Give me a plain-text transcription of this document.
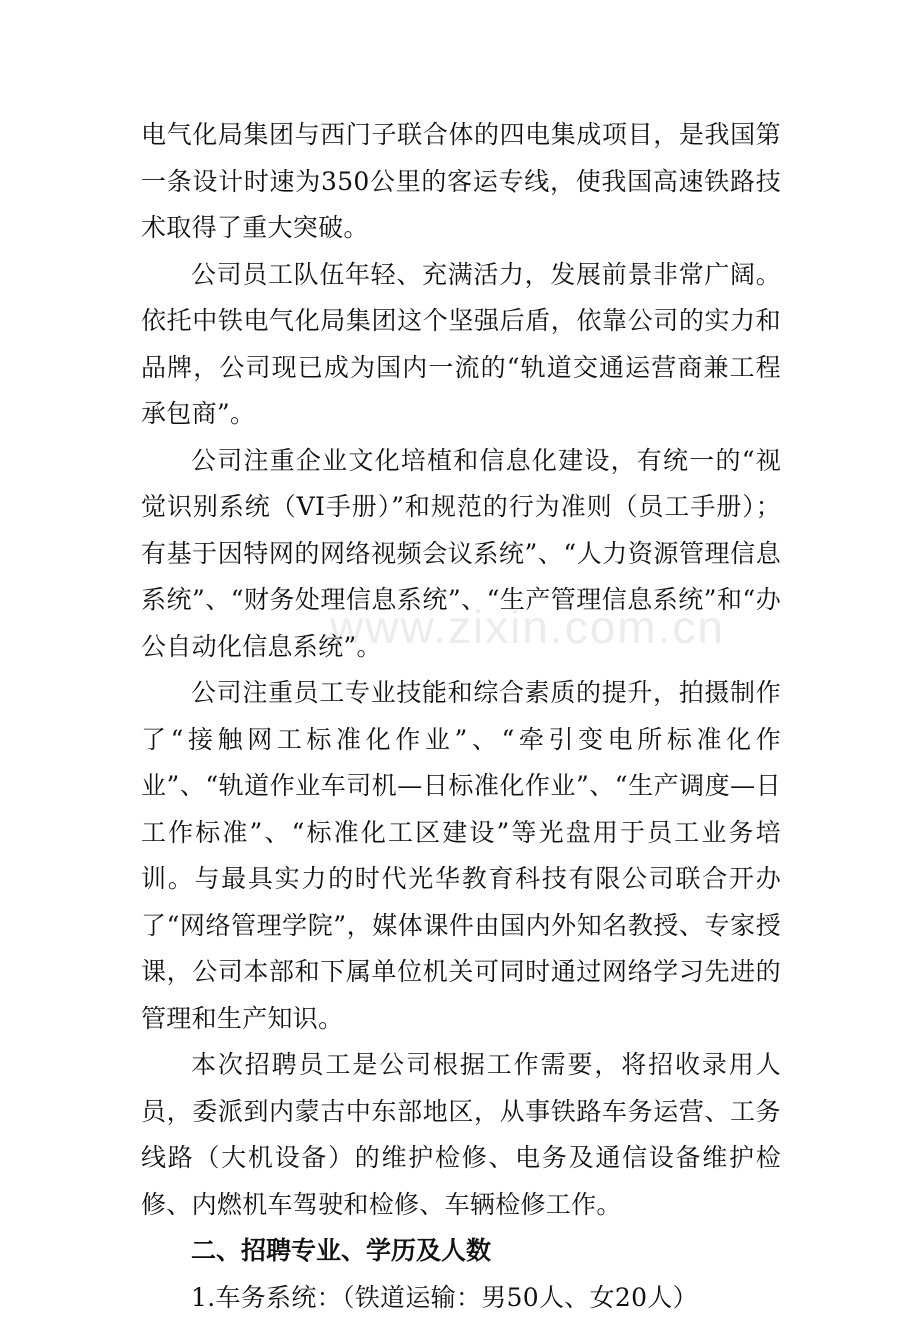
www.zixin.com.cn

电气化局集团与西门子联合体的四电集成项目，是我国第一条设计时速为350公里的客运专线，使我国高速铁路技术取得了重大突破。

公司员工队伍年轻、充满活力，发展前景非常广阔。依托中铁电气化局集团这个坚强后盾，依靠公司的实力和品牌，公司现已成为国内一流的“轨道交通运营商兼工程承包商”。

公司注重企业文化培植和信息化建设，有统一的“视觉识别系统（VI手册）”和规范的行为准则（员工手册）；有基于因特网的网络视频会议系统”、“人力资源管理信息系统”、“财务处理信息系统”、“生产管理信息系统”和“办公自动化信息系统”。

公司注重员工专业技能和综合素质的提升，拍摄制作了“接触网工标准化作业”、“牵引变电所标准化作业”、“轨道作业车司机—日标准化作业”、“生产调度—日工作标准”、“标准化工区建设”等光盘用于员工业务培训。与最具实力的时代光华教育科技有限公司联合开办了“网络管理学院”，媒体课件由国内外知名教授、专家授课，公司本部和下属单位机关可同时通过网络学习先进的管理和生产知识。

本次招聘员工是公司根据工作需要，将招收录用人员，委派到内蒙古中东部地区，从事铁路车务运营、工务线路（大机设备）的维护检修、电务及通信设备维护检修、内燃机车驾驶和检修、车辆检修工作。

二、招聘专业、学历及人数

1.车务系统：（铁道运输：男50人、女20人）
